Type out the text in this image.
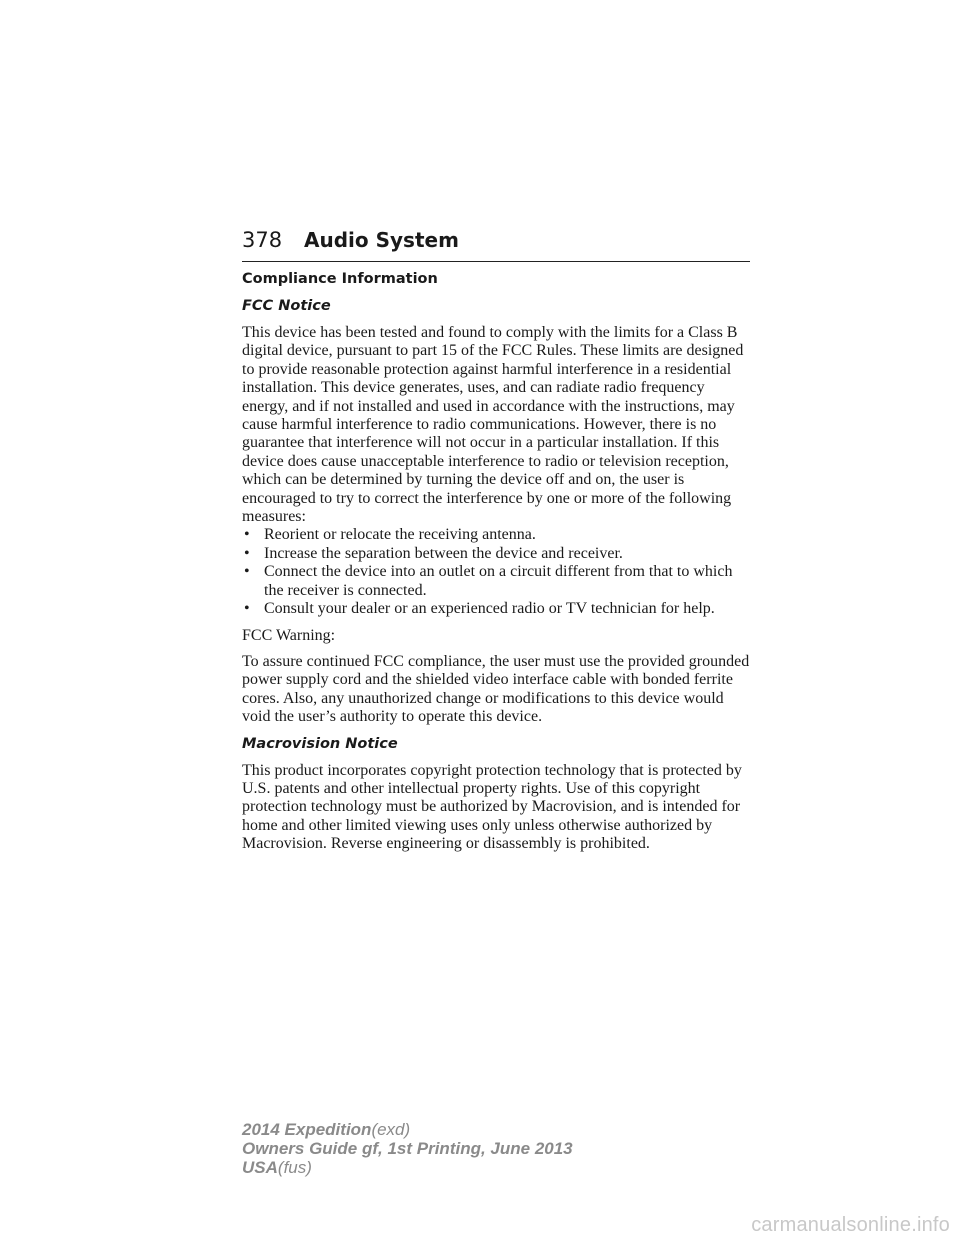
378 Audio System
Compliance Information
FCC Notice

This device has been tested and found to comply with the limits for a Class B digital device, pursuant to part 15 of the FCC Rules. These limits are designed to provide reasonable protection against harmful interference in a residential installation. This device generates, uses, and can radiate radio frequency energy, and if not installed and used in accordance with the instructions, may cause harmful interference to radio communications. However, there is no guarantee that interference will not occur in a particular installation. If this device does cause unacceptable interference to radio or television reception, which can be determined by turning the device off and on, the user is encouraged to try to correct the interference by one or more of the following measures:

• Reorient or relocate the receiving antenna.
• Increase the separation between the device and receiver.
• Connect the device into an outlet on a circuit different from that to which the receiver is connected.
• Consult your dealer or an experienced radio or TV technician for help.

FCC Warning:

To assure continued FCC compliance, the user must use the provided grounded power supply cord and the shielded video interface cable with bonded ferrite cores. Also, any unauthorized change or modifications to this device would void the user’s authority to operate this device.

Macrovision Notice

This product incorporates copyright protection technology that is protected by U.S. patents and other intellectual property rights. Use of this copyright protection technology must be authorized by Macrovision, and is intended for home and other limited viewing uses only unless otherwise authorized by Macrovision. Reverse engineering or disassembly is prohibited.

2014 Expedition(exd)
Owners Guide gf, 1st Printing, June 2013
USA(fus)
carmanualsonline.info
